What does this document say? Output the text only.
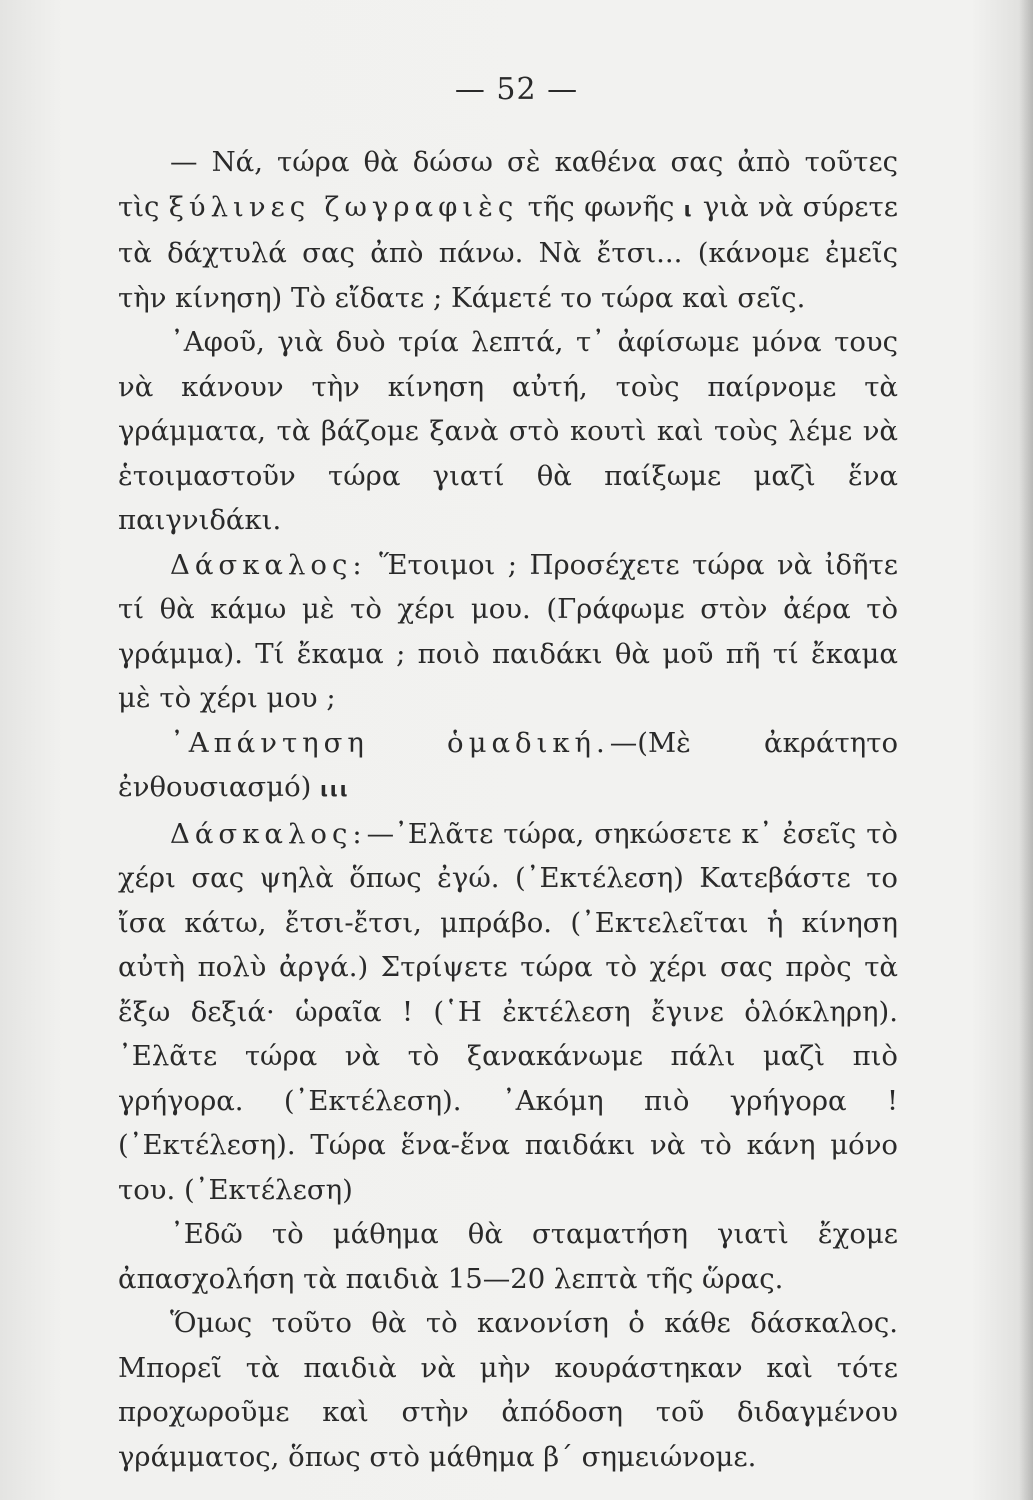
— 52 —

— Νά, τώρα θὰ δώσω σὲ καθένα σας ἀπὸ τοῦτες τὶς ξύλινες ζωγραφιὲς τῆς φωνῆς ι γιὰ νὰ σύρετε τὰ δάχτυλά σας ἀπὸ πάνω. Νὰ ἔτσι... (κάνομε ἐμεῖς τὴν κίνηση) Τὸ εἴδατε ; Κάμετέ το τώρα καὶ σεῖς.

᾿Αφοῦ, γιὰ δυὸ τρία λεπτά, τ᾿ ἀφίσωμε μόνα τους νὰ κάνουν τὴν κίνηση αὐτή, τοὺς παίρνομε τὰ γράμματα, τὰ βάζομε ξανὰ στὸ κουτὶ καὶ τοὺς λέμε νὰ ἑτοιμαστοῦν τώρα γιατί θὰ παίξωμε μαζὶ ἕνα παιγνιδάκι.

Δάσκαλος: Ἕτοιμοι ; Προσέχετε τώρα νὰ ἰδῆτε τί θὰ κάμω μὲ τὸ χέρι μου. (Γράφωμε στὸν ἀέρα τὸ γράμμα). Τί ἔκαμα ; ποιὸ παιδάκι θὰ μοῦ πῆ τί ἔκαμα μὲ τὸ χέρι μου ;

᾿Απάντηση ὁμαδική.—(Μὲ ἀκράτητο ἐνθουσιασμό) ιιι

Δάσκαλος:—᾿Ελᾶτε τώρα, σηκώσετε κ᾿ ἐσεῖς τὸ χέρι σας ψηλὰ ὅπως ἐγώ. (᾿Εκτέλεση) Κατεβάστε το ἴσα κάτω, ἔτσι-ἔτσι, μπράβο. (᾿Εκτελεῖται ἡ κίνηση αὐτὴ πολὺ ἀργά.) Στρίψετε τώρα τὸ χέρι σας πρὸς τὰ ἔξω δεξιά· ὡραῖα ! (῾Η ἐκτέλεση ἔγινε ὁλόκληρη). ᾿Ελᾶτε τώρα νὰ τὸ ξανακάνωμε πάλι μαζὶ πιὸ γρήγορα. (᾿Εκτέλεση). ᾿Ακόμη πιὸ γρήγορα ! (᾿Εκτέλεση). Τώρα ἕνα-ἕνα παιδάκι νὰ τὸ κάνη μόνο του. (᾿Εκτέλεση)

᾿Εδῶ τὸ μάθημα θὰ σταματήση γιατὶ ἔχομε ἀπασχολήση τὰ παιδιὰ 15—20 λεπτὰ τῆς ὥρας.

Ὅμως τοῦτο θὰ τὸ κανονίση ὁ κάθε δάσκαλος. Μπορεῖ τὰ παιδιὰ νὰ μὴν κουράστηκαν καὶ τότε προχωροῦμε καὶ στὴν ἀπόδοση τοῦ διδαγμένου γράμματος, ὅπως στὸ μάθημα β΄ σημειώνομε.
